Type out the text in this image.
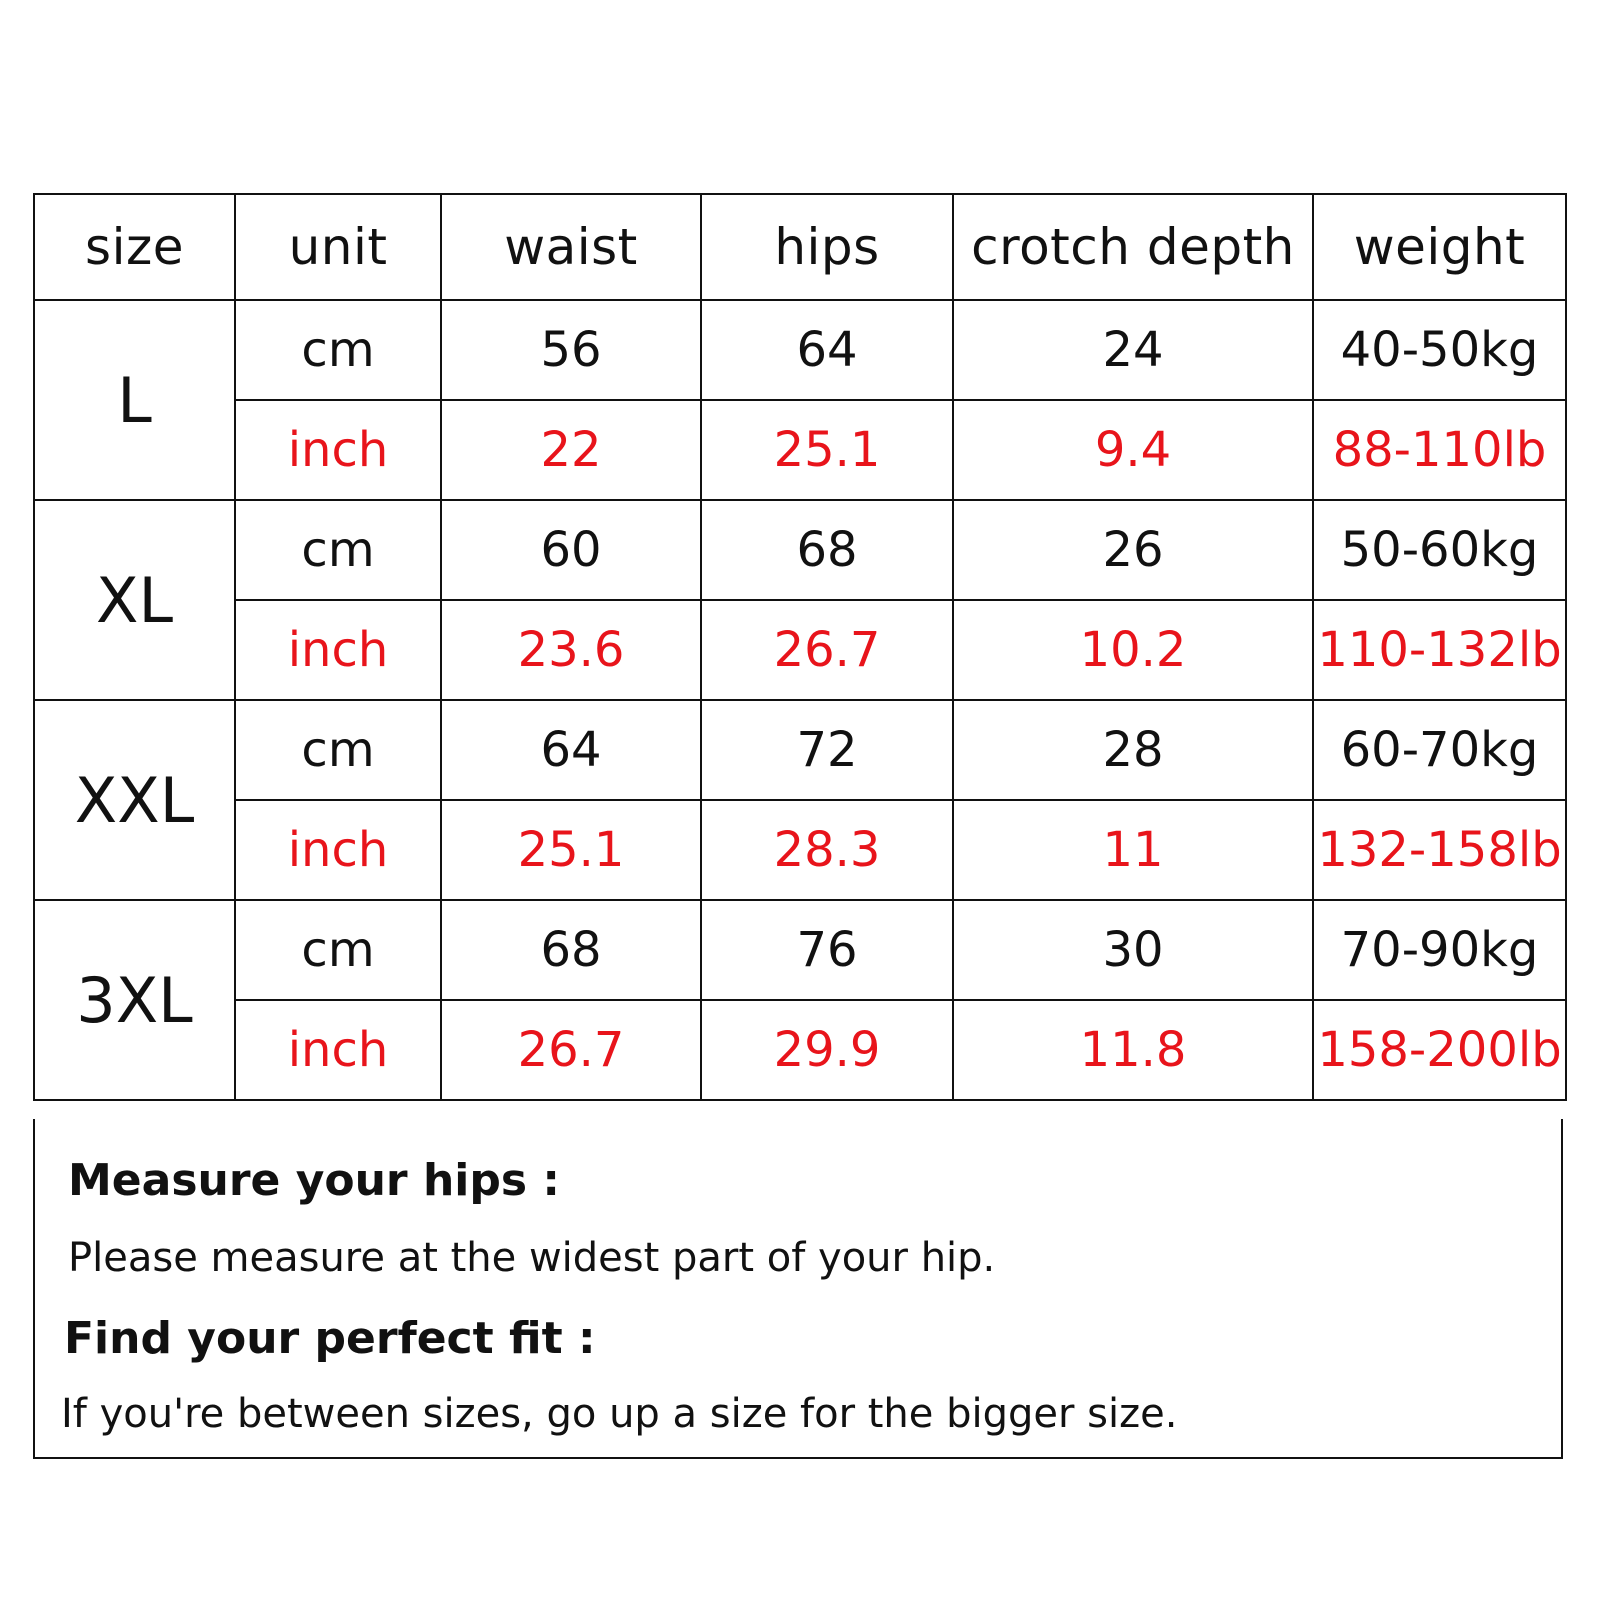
size	unit	waist	hips	crotch depth	weight
L	cm	56	64	24	40-50kg
	inch	22	25.1	9.4	88-110lb
XL	cm	60	68	26	50-60kg
	inch	23.6	26.7	10.2	110-132lb
XXL	cm	64	72	28	60-70kg
	inch	25.1	28.3	11	132-158lb
3XL	cm	68	76	30	70-90kg
	inch	26.7	29.9	11.8	158-200lb

Measure your hips :

Please measure at the widest part of your hip.

Find your perfect fit :

If you're between sizes, go up a size for the bigger size.
